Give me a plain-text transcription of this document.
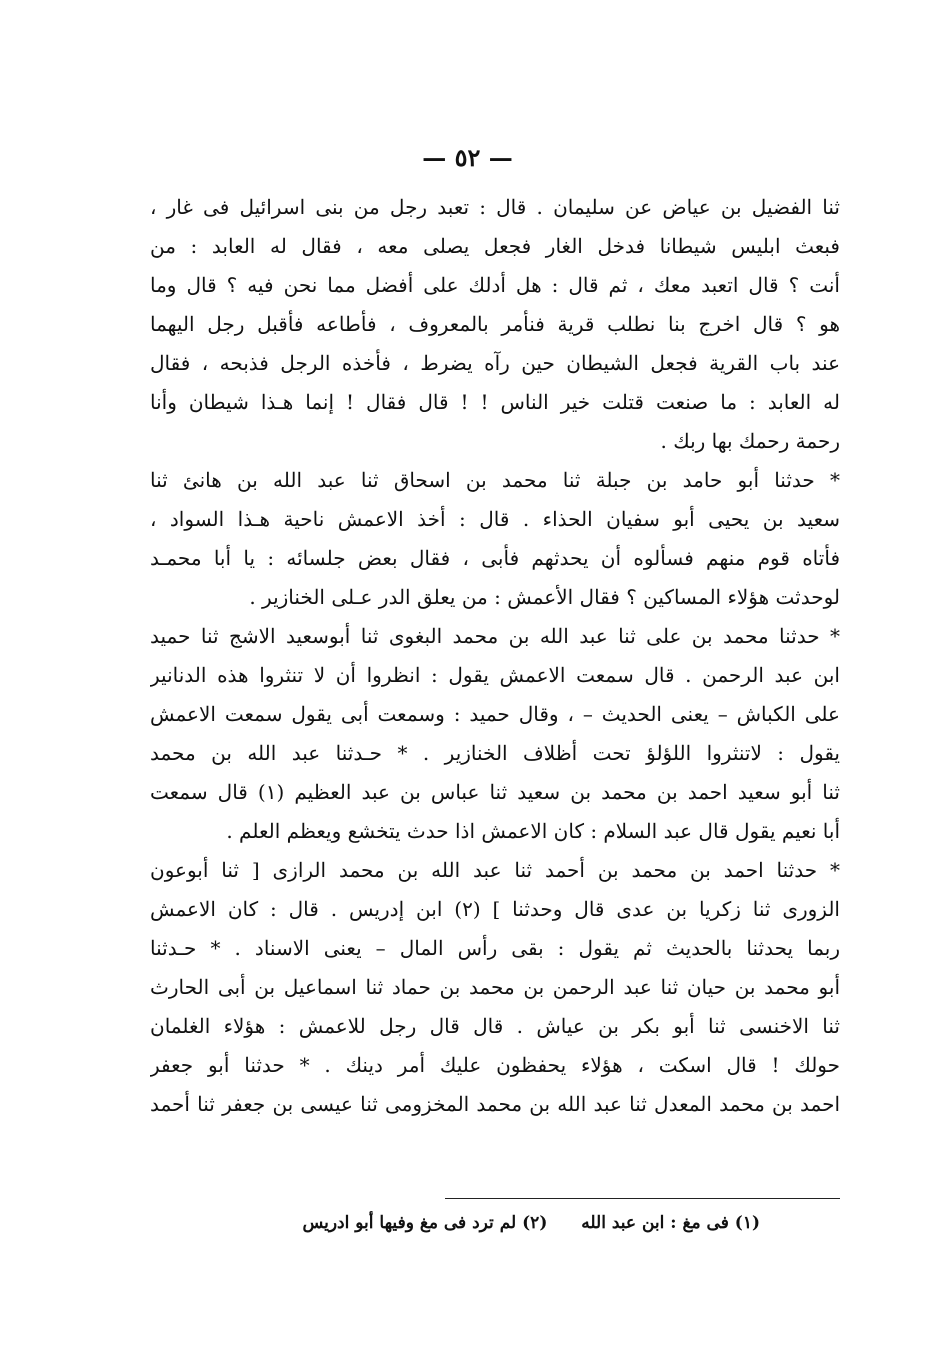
— ٥٢ —
ثنا الفضيل بن عياض عن سليمان . قال : تعبد رجل من بنى اسرائيل فى غار ،
فبعث ابليس شيطانا فدخل الغار فجعل يصلى معه ، فقال له العابد : من
أنت ؟ قال اتعبد معك ، ثم قال : هل أدلك على أفضل مما نحن فيه ؟ قال وما
هو ؟ قال اخرج بنا نطلب قرية فنأمر بالمعروف ، فأطاعه فأقبل رجل اليهما
عند باب القرية فجعل الشيطان حين رآه يضرط ، فأخذه الرجل فذبحه ، فقال
له العابد : ما صنعت قتلت خير الناس ! ! قال فقال ! إنما هـذا شيطان وأنا
رحمة رحمك بها ربك .
* حدثنا أبو حامد بن جبلة ثنا محمد بن اسحاق ثنا عبد الله بن هانئ ثنا
سعيد بن يحيى أبو سفيان الحذاء . قال : أخذ الاعمش ناحية هـذا السواد ،
فأتاه قوم منهم فسألوه أن يحدثهم فأبى ، فقال بعض جلسائه : يا أبا محمـد
لوحدثت هؤلاء المساكين ؟ فقال الأعمش : من يعلق الدر عـلى الخنازير .
* حدثنا محمد بن على ثنا عبد الله بن محمد البغوى ثنا أبوسعيد الاشج ثنا حميد
ابن عبد الرحمن . قال سمعت الاعمش يقول : انظروا أن لا تنثروا هذه الدنانير
على الكباش – يعنى الحديث – ، وقال حميد : وسمعت أبى يقول سمعت الاعمش
يقول : لاتنثروا اللؤلؤ تحت أظلاف الخنازير . * حـدثنا عبد الله بن محمد
ثنا أبو سعيد احمد بن محمد بن سعيد ثنا عباس بن عبد العظيم (١) قال سمعت
أبا نعيم يقول قال عبد السلام : كان الاعمش اذا حدث يتخشع ويعظم العلم .
* حدثنا احمد بن محمد بن أحمد ثنا عبد الله بن محمد الرازى [ ثنا أبوعون
الزورى ثنا زكريا بن عدى قال وحدثنا ] (٢) ابن إدريس . قال : كان الاعمش
ربما يحدثنا بالحديث ثم يقول : بقى رأس المال – يعنى الاسناد . * حـدثنا
أبو محمد بن حيان ثنا عبد الرحمن بن محمد بن حماد ثنا اسماعيل بن أبى الحارث
ثنا الاخنسى ثنا أبو بكر بن عياش . قال قال رجل للاعمش : هؤلاء الغلمان
حولك ! قال اسكت ، هؤلاء يحفظون عليك أمر دينك . * حدثنا أبو جعفر
احمد بن محمد المعدل ثنا عبد الله بن محمد المخزومى ثنا عيسى بن جعفر ثنا أحمد
(١) فى مغ : ابن عبد الله (٢) لم ترد فى مغ وفيها أبو ادريس
